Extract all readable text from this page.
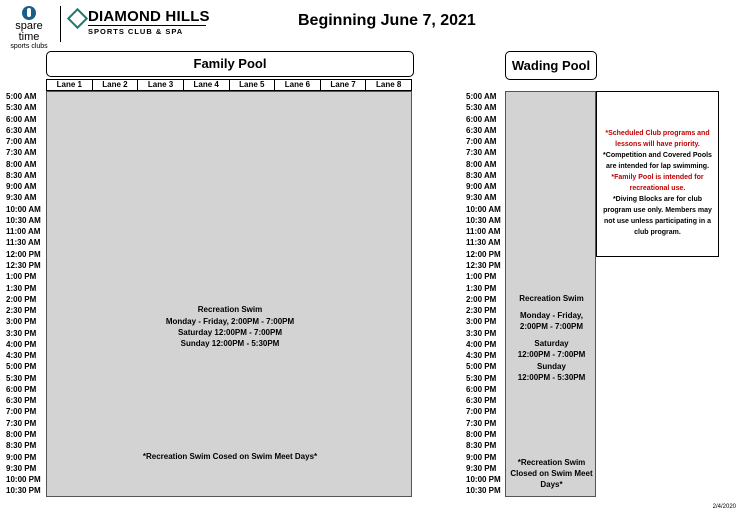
spare time
sports clubs
DIAMOND HILLS
SPORTS CLUB & SPA
Beginning June 7, 2021
Family Pool
Lane 1	Lane 2	Lane 3	Lane 4	Lane 5	Lane 6	Lane 7	Lane 8
5:00 AM
5:30 AM
6:00 AM
6:30 AM
7:00 AM
7:30 AM
8:00 AM
8:30 AM
9:00 AM
9:30 AM
10:00 AM
10:30 AM
11:00 AM
11:30 AM
12:00 PM
12:30 PM
1:00 PM
1:30 PM
2:00 PM
2:30 PM
3:00 PM
3:30 PM
4:00 PM
4:30 PM
5:00 PM
5:30 PM
6:00 PM
6:30 PM
7:00 PM
7:30 PM
8:00 PM
8:30 PM
9:00 PM
9:30 PM
10:00 PM
10:30 PM
Recreation Swim
Monday - Friday, 2:00PM - 7:00PM
Saturday 12:00PM - 7:00PM
Sunday 12:00PM - 5:30PM
*Recreation Swim Cosed on Swim Meet Days*
Wading Pool
5:00 AM
5:30 AM
6:00 AM
6:30 AM
7:00 AM
7:30 AM
8:00 AM
8:30 AM
9:00 AM
9:30 AM
10:00 AM
10:30 AM
11:00 AM
11:30 AM
12:00 PM
12:30 PM
1:00 PM
1:30 PM
2:00 PM
2:30 PM
3:00 PM
3:30 PM
4:00 PM
4:30 PM
5:00 PM
5:30 PM
6:00 PM
6:30 PM
7:00 PM
7:30 PM
8:00 PM
8:30 PM
9:00 PM
9:30 PM
10:00 PM
10:30 PM
Recreation Swim
Monday - Friday,
2:00PM - 7:00PM
Saturday
12:00PM - 7:00PM
Sunday
12:00PM - 5:30PM
*Recreation Swim
Closed on Swim Meet
Days*
*Scheduled Club programs and
lessons will have priority.
*Competition and Covered Pools
are intended for lap swimming.
*Family Pool is intended for
recreational use.
*Diving Blocks are for club
program use only. Members may
not use unless participating in a
club program.
2/4/2020
